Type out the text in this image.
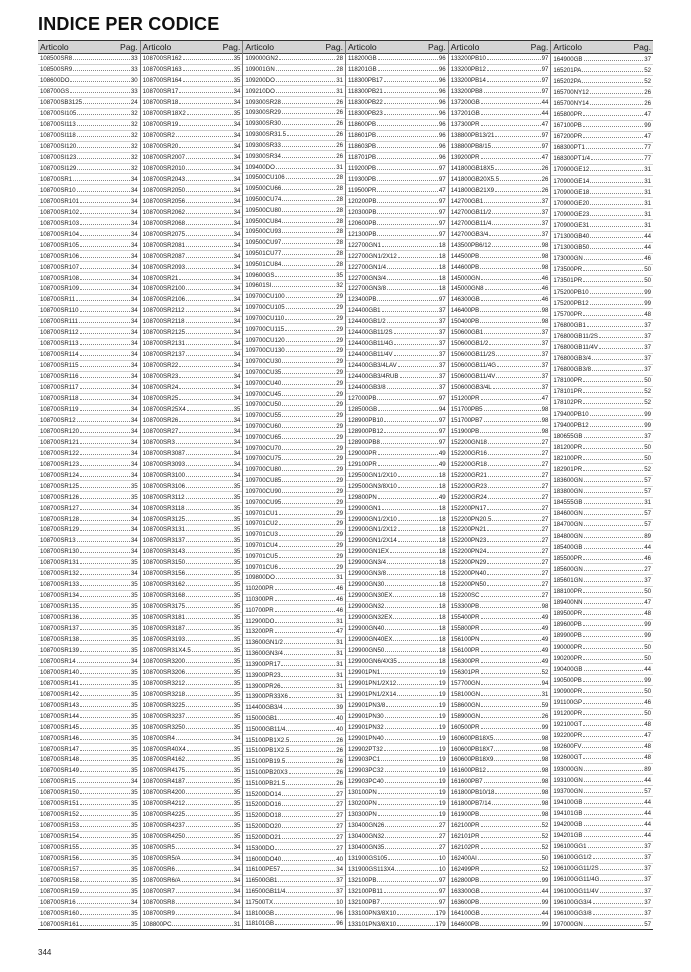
INDICE PER CODICE
Articolo	Pag.
108500SR8	33
108500SR9	33
108600DO	30
108700GS	33
108700SB3125	24
108700SI105	32
108700SI113	32
108700SI118	32
108700SI120	32
108700SI123	32
108700SI129	32
108700SR1	34
108700SR10	34
108700SR101	34
108700SR102	34
108700SR103	34
108700SR104	34
108700SR105	34
108700SR106	34
108700SR107	34
108700SR108	34
108700SR109	34
108700SR11	34
108700SR110	34
108700SR111	34
108700SR112	34
108700SR113	34
108700SR114	34
108700SR115	34
108700SR116	34
108700SR117	34
108700SR118	34
108700SR119	34
108700SR12	34
108700SR120	34
108700SR121	34
108700SR122	34
108700SR123	34
108700SR124	34
108700SR125	35
108700SR126	35
108700SR127	34
108700SR128	34
108700SR129	34
108700SR13	34
108700SR130	34
108700SR131	35
108700SR132	34
108700SR133	35
108700SR134	35
108700SR135	35
108700SR136	35
108700SR137	35
108700SR138	35
108700SR139	35
108700SR14	34
108700SR140	35
108700SR141	35
108700SR142	35
108700SR143	35
108700SR144	35
108700SR145	35
108700SR146	35
108700SR147	35
108700SR148	35
108700SR149	35
108700SR15	34
108700SR150	35
108700SR151	35
108700SR152	35
108700SR153	35
108700SR154	35
108700SR155	35
108700SR156	35
108700SR157	35
108700SR158	35
108700SR159	35
108700SR16	34
108700SR160	35
108700SR161	35
Articolo	Pag.
108700SR162	35
108700SR163	35
108700SR164	35
108700SR17	34
108700SR18	34
108700SR18X2	35
108700SR19	34
108700SR2	34
108700SR20	34
108700SR2007	34
108700SR2010	34
108700SR2043	34
108700SR2050	34
108700SR2056	34
108700SR2062	34
108700SR2068	34
108700SR2075	34
108700SR2081	34
108700SR2087	34
108700SR2093	34
108700SR21	34
108700SR2100	34
108700SR2106	34
108700SR2112	34
108700SR2118	34
108700SR2125	34
108700SR2131	34
108700SR2137	34
108700SR22	34
108700SR23	34
108700SR24	34
108700SR25	34
108700SR25X4	35
108700SR26	34
108700SR27	34
108700SR3	34
108700SR3087	34
108700SR3093	34
108700SR3100	34
108700SR3106	35
108700SR3112	35
108700SR3118	35
108700SR3125	35
108700SR3131	35
108700SR3137	35
108700SR3143	35
108700SR3150	35
108700SR3156	35
108700SR3162	35
108700SR3168	35
108700SR3175	35
108700SR3181	35
108700SR3187	35
108700SR3193	35
108700SR31X4.5	35
108700SR3200	35
108700SR3206	35
108700SR3212	35
108700SR3218	35
108700SR3225	35
108700SR3237	35
108700SR3250	35
108700SR4	34
108700SR40X4	35
108700SR4162	35
108700SR4175	35
108700SR4187	35
108700SR4200	35
108700SR4212	35
108700SR4225	35
108700SR4237	35
108700SR4250	35
108700SR5	34
108700SR5/A	34
108700SR6	34
108700SR6/A	34
108700SR7	34
108700SR8	34
108700SR9	34
108800PC	31
Articolo	Pag.
109000GN2	28
109001GN	28
109200DO	31
109210DO	31
109300SR28	26
109300SR29	26
109300SR30	26
109300SR31.5	26
109300SR33	26
109300SR34	26
109400DO	31
109500CU106	28
109500CU66	28
109500CU74	28
109500CU80	28
109500CU84	28
109500CU93	28
109500CU97	28
109501CU77	28
109501CU84	28
109600GS	35
109601SI	32
109700CU100	29
109700CU105	29
109700CU110	29
109700CU115	29
109700CU120	29
109700CU130	29
109700CU30	29
109700CU35	29
109700CU40	29
109700CU45	29
109700CU50	29
109700CU55	29
109700CU60	29
109700CU65	29
109700CU70	29
109700CU75	29
109700CU80	29
109700CU85	29
109700CU90	29
109700CU95	29
109701CU1	29
109701CU2	29
109701CU3	29
109701CU4	29
109701CU5	29
109701CU6	29
109800DO	31
110200PR	46
110300PR	46
110700PR	46
112900DO	31
113200PR	47
113600GN1/2	31
113600GN3/4	31
113900PR17	31
113900PR23	31
113900PR26	31
113900PR33X6	31
114400GB3/4	39
115000GB1	40
115000GB11/4	40
115100PB1X2.5	26
115100PB1X2.5	26
115100PB19.5	26
115100PB20X3	26
115100PB21.5	26
115200DO14	27
115200DO16	27
115200DO18	27
115200DO20	27
115200DO21	27
115300DO	27
116000DO40	40
116100PE57	34
116500GB1	37
116500GB11/4	37
117500TX	10
118100GB	96
118101GB	96
Articolo	Pag.
118200GB	96
118201GB	96
118300PB17	96
118300PB21	96
118300PB22	96
118300PB23	96
118600PB	96
118601PB	96
118603PB	96
118701PB	96
119200PB	97
119300PB	97
119500PR	47
120200PB	97
120300PB	97
120600PB	97
121300PB	97
122700GN1	18
122700GN1/2X12	18
122700GN1/4	18
122700GN3/4	18
122700GN3/8	18
123400PB	97
124400GB1	37
124400GB1/2	37
124400GB11/2S	37
124400GB11/4G	37
124400GB11/4V	37
124400GB3/4LAV	37
124400GB3/4RUB	37
124400GB3/8	37
127000PB	97
128500GB	94
128900PB10	97
128900PB12	97
128900PB8	97
129000PR	49
129100PR	49
129500GN1/2X10	18
129500GN3/8X10	18
129800PN	49
129900GN1	18
129900GN1/2X10	18
129900GN1/2X12	18
129900GN1/2X14	18
129900GN1EX	18
129900GN3/4	18
129900GN3/8	18
129900GN30	18
129900GN30EX	18
129900GN32	18
129900GN32EX	18
129900GN40	18
129900GN40EX	18
129900GN50	18
129900GN6/4X35	18
129901PN1	19
129901PN1/2X12	19
129901PN1/2X14	19
129901PN3/8	19
129901PN30	19
129901PN32	19
129901PN40	19
129902PT32	19
129903PC1	19
129903PC32	19
129903PC40	19
130100PN	19
130200PN	19
130300PN	19
130400GN26	27
130400GN32	27
130400GN35	27
131900GS105	10
131900GS113X4	10
132100PB	97
132100PB11	97
132100PB7	97
133100PN3/8X10	179
133101PN3/8X10	179
Articolo	Pag.
133200PB10	97
133200PB12	97
133200PB14	97
133200PB8	97
137200GB	44
137201GB	44
137300PR	47
138800PB13/21	97
138800PB8/15	97
139200PR	47
141800GB18X5	26
141800GB20X5.5	26
141800GB21X9	26
142700GB1	37
142700GB11/2	37
142700GB11/4	37
142700GB3/4	37
143500PB6/12	98
144500PB	98
144600PB	98
145000GN	46
145000GN8	46
146300GB	46
146400PB	98
150400PB	98
150600GB1	37
150600GB1/2	37
150600GB11/2S	37
150600GB11/4G	37
150600GB11/4V	37
150600GB3/4L	37
151200PR	47
151700PB5	98
151700PB7	98
151900PB	98
152200GN18	27
152200GR16	27
152200GR18	27
152200GR21	27
152200GR23	27
152200GR24	27
152200PN17	27
152200PN20.5	27
152200PN21	27
152200PN23	27
152200PN24	27
152200PN29	27
152200PN40	27
152200PN50	27
152200SC	27
153300PB	98
155400PR	49
155800PR	49
156100PN	49
156100PR	49
156300PR	49
156301PR	52
157700GN	94
158100GN	31
158600GN	59
158900GN	26
160500PR	99
160600PB18X5	98
160600PB18X7	98
160600PB18X9	98
161600PB12	98
161600PB7	98
161800PB10/18	98
161800PB7/14	98
161900PB	98
162100PR	52
162101PR	52
162102PR	52
162400AI	50
162499PR	52
162800PB	99
163300GB	44
163600PB	99
164100GB	44
164600PB	99
Articolo	Pag.
164900GB	37
165201PA	52
165202PA	52
165700NY12	26
165700NY14	26
165800PR	47
167100PB	99
167200PR	47
168300PT1	77
168300PT1/4	77
170900GE12	31
170900GE14	31
170900GE18	31
170900GE20	31
170900GE23	31
170900GE31	31
171300GB40	44
171300GB50	44
173000GN	46
173500PR	50
173501PR	50
175200PB10	99
175200PB12	99
175700PR	48
176800GB1	37
176800GB11/2S	37
176800GB11/4V	37
176800GB3/4	37
176800GB3/8	37
178100PR	50
178101PR	52
178102PR	52
179400PB10	99
179400PB12	99
180655GB	37
181200PR	50
182100PR	50
182901PR	52
183600GN	57
183800GN	57
184555GB	31
184600GN	57
184700GN	57
184800GN	89
185400GB	44
185500PR	46
185600GN	27
185601GN	37
188100PR	50
189400NN	47
189500PR	48
189600PB	99
189900PB	99
190000PR	50
190200PR	50
190400GB	44
190500PB	99
190900PR	50
191100GP	46
191200PR	50
192100GT	48
192200PR	47
192600FV	48
192600GT	48
193000GN	89
193100GN	44
193700GN	57
194100GB	44
194101GB	44
194200GB	44
194201GB	44
196100GG1	37
196100GG1/2	37
196100GG11/2S	37
196100GG11/4G	37
196100GG11/4V	37
196100GG3/4	37
196100GG3/8	37
197000GN	57
344
